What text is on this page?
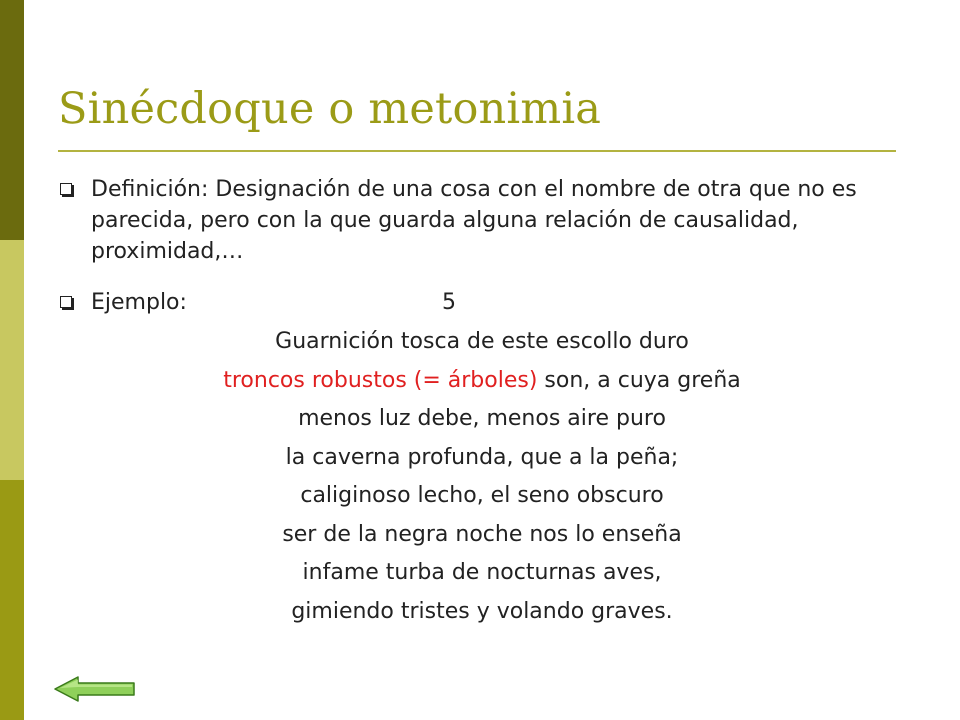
Sinécdoque o metonimia
Definición: Designación de una cosa con el nombre de otra que no es parecida, pero con la que guarda alguna relación de causalidad, proximidad,…
Ejemplo:	5
Guarnición tosca de este escollo duro
troncos robustos (= árboles) son, a cuya greña
menos luz debe, menos aire puro
la caverna profunda, que a la peña;
caliginoso lecho, el seno obscuro
ser de la negra noche nos lo enseña
infame turba de nocturnas aves,
gimiendo tristes y volando graves.
